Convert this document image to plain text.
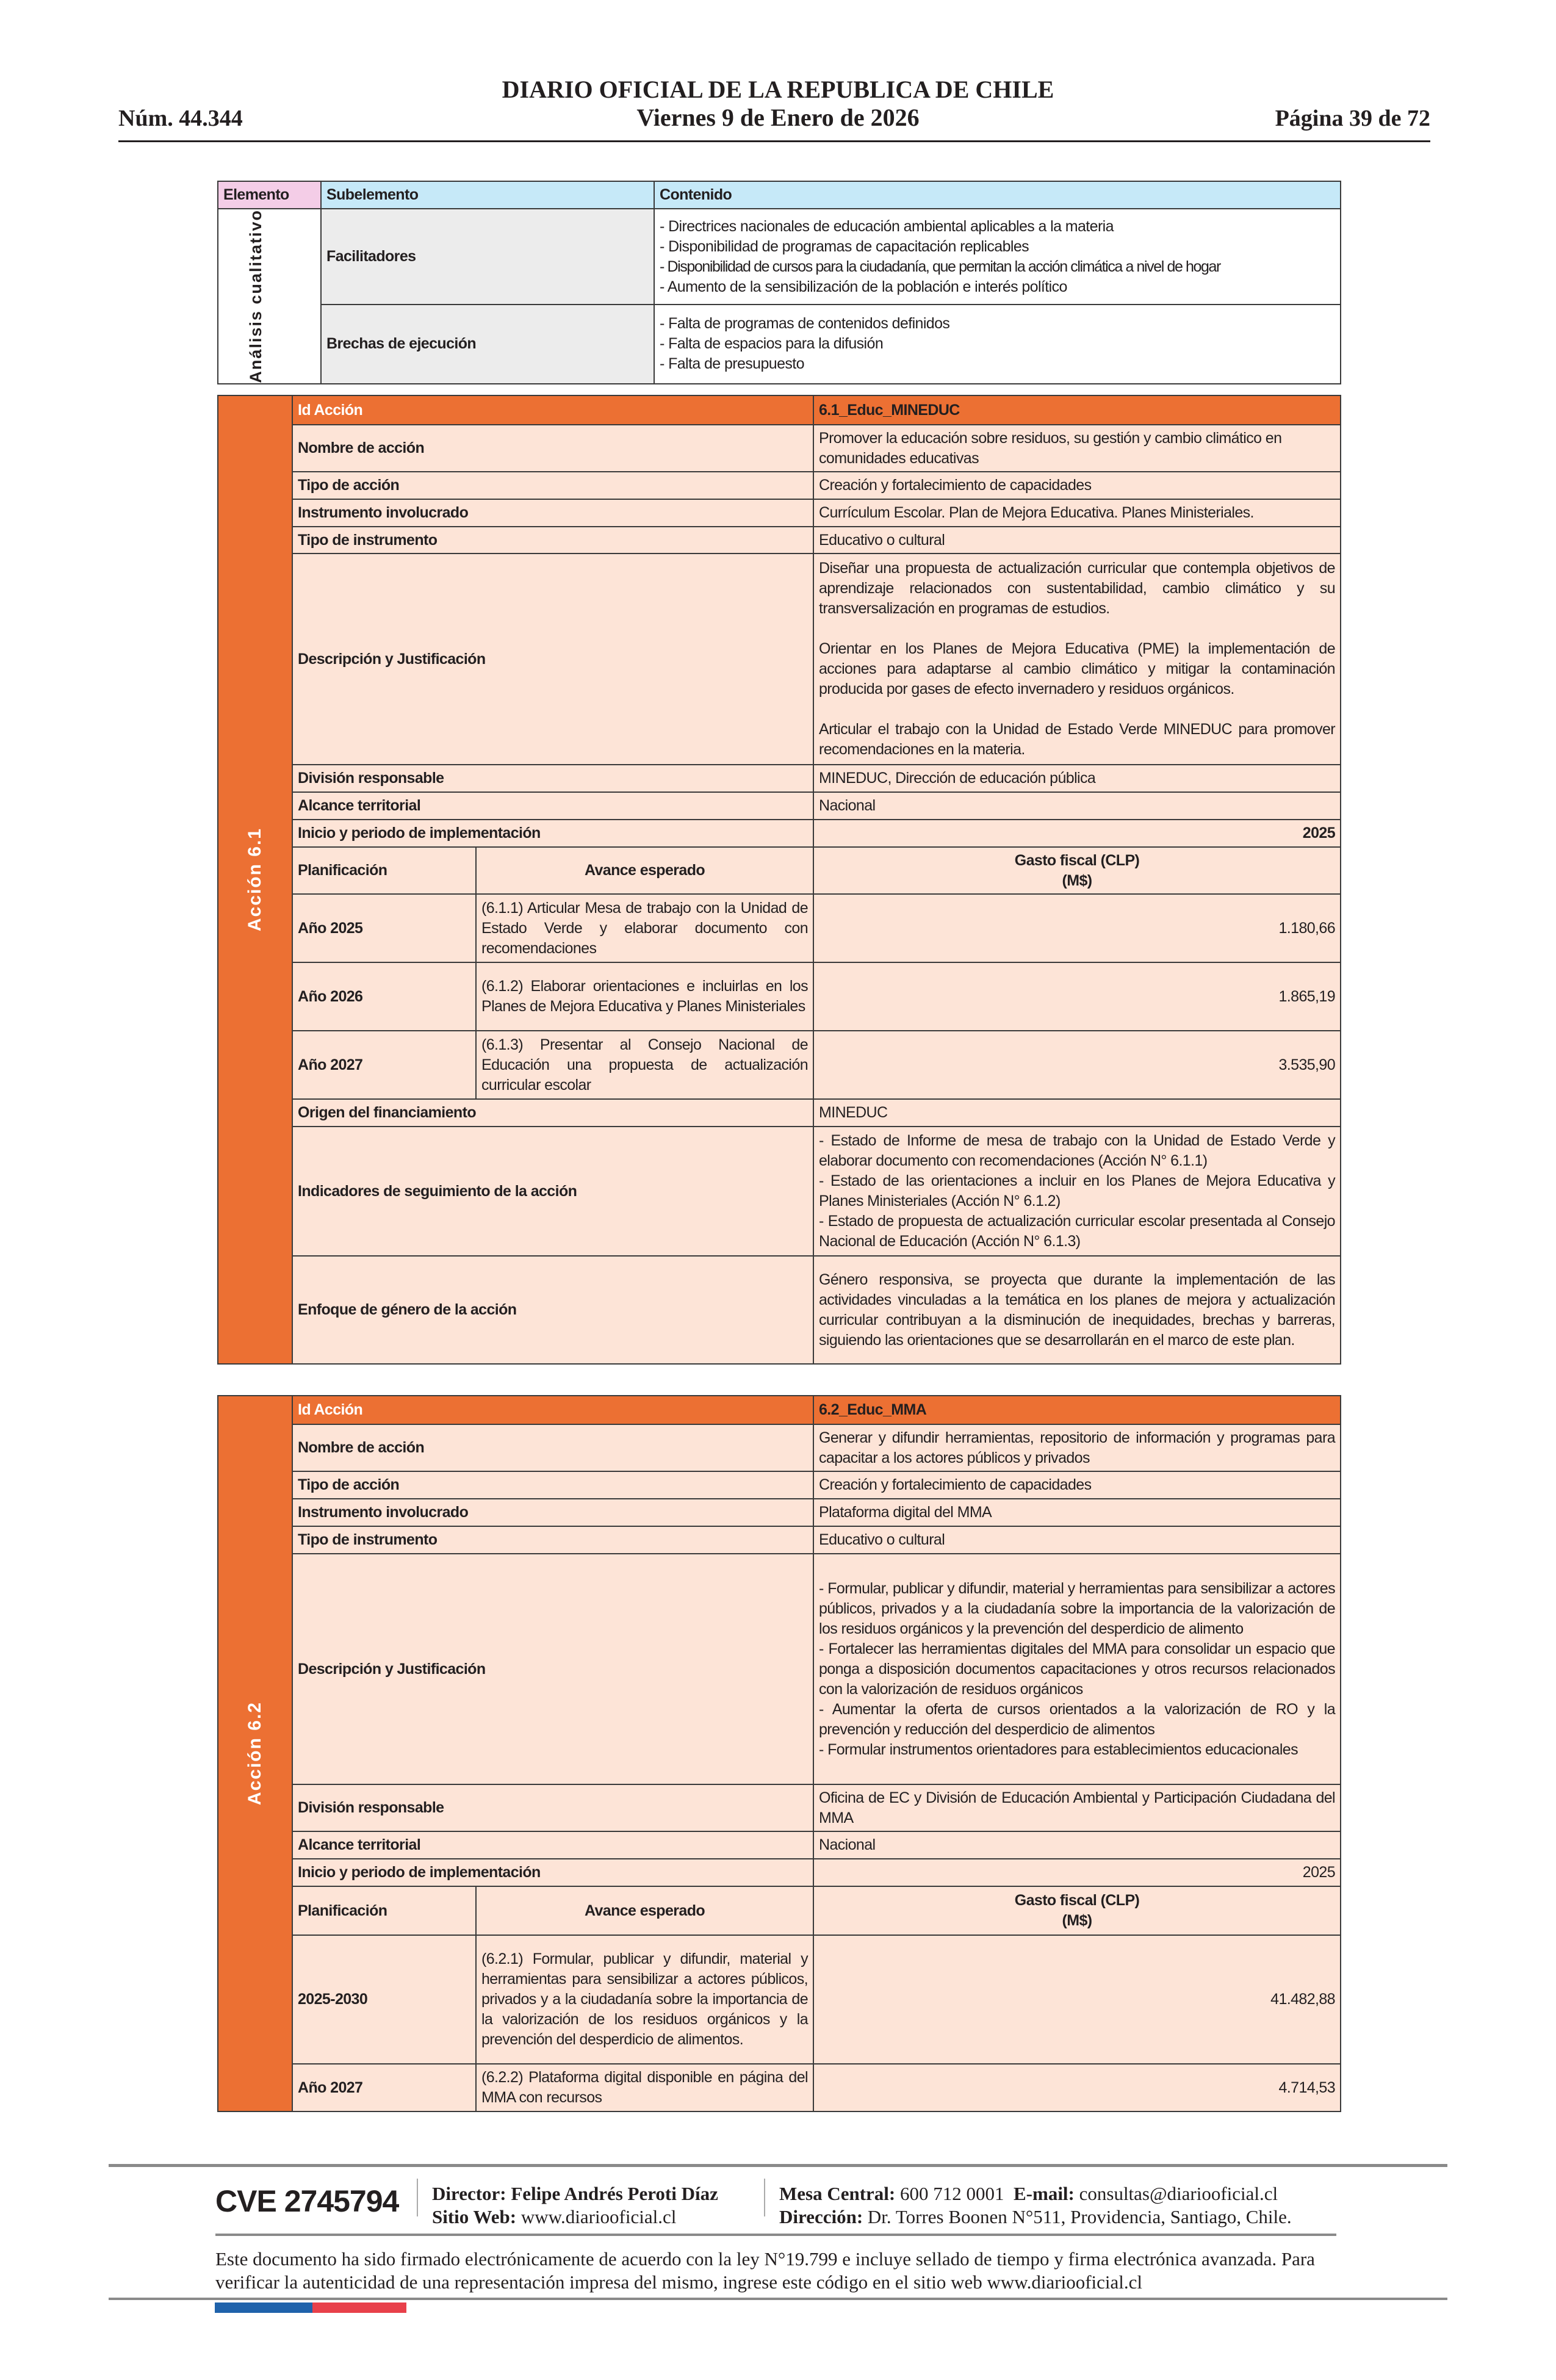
DIARIO OFICIAL DE LA REPUBLICA DE CHILE
Viernes 9 de Enero de 2026
Núm. 44.344	Página 39 de 72
Elemento	Subelemento	Contenido

Análisis cualitativo	Facilitadores	- Directrices nacionales de educación ambiental aplicables a la materia
- Disponibilidad de programas de capacitación replicables
- Disponibilidad de cursos para la ciudadanía, que permitan la acción climática a nivel de hogar
- Aumento de la sensibilización de la población e interés político

	Brechas de ejecución	- Falta de programas de contenidos definidos
- Falta de espacios para la difusión
- Falta de presupuesto
Acción 6.1	Id Acción		6.1_Educ_MINEDUC
	Nombre de acción		Promover la educación sobre residuos, su gestión y cambio climático en comunidades educativas
	Tipo de acción		Creación y fortalecimiento de capacidades
	Instrumento involucrado		Currículum Escolar. Plan de Mejora Educativa. Planes Ministeriales.
	Tipo de instrumento		Educativo o cultural
	Descripción y Justificación		Diseñar una propuesta de actualización curricular que contempla objetivos de aprendizaje relacionados con sustentabilidad, cambio climático y su transversalización en programas de estudios.
Orientar en los Planes de Mejora Educativa (PME) la implementación de acciones para adaptarse al cambio climático y mitigar la contaminación producida por gases de efecto invernadero y residuos orgánicos.
Articular el trabajo con la Unidad de Estado Verde MINEDUC para promover recomendaciones en la materia.

	División responsable		MINEDUC, Dirección de educación pública
	Alcance territorial		Nacional
	Inicio y periodo de implementación		2025
	Planificación	Avance esperado	Gasto fiscal (CLP)
(M$)

	Año 2025	(6.1.1) Articular Mesa de trabajo con la Unidad de Estado Verde y elaborar documento con recomendaciones	1.180,66
	Año 2026	(6.1.2) Elaborar orientaciones e incluirlas en los Planes de Mejora Educativa y Planes Ministeriales	1.865,19
	Año 2027	(6.1.3) Presentar al Consejo Nacional de Educación una propuesta de actualización curricular escolar	3.535,90
	Origen del financiamiento		MINEDUC
	Indicadores de seguimiento de la acción		- Estado de Informe de mesa de trabajo con la Unidad de Estado Verde y elaborar documento con recomendaciones (Acción N° 6.1.1)
- Estado de las orientaciones a incluir en los Planes de Mejora Educativa y Planes Ministeriales (Acción N° 6.1.2)
- Estado de propuesta de actualización curricular escolar presentada al Consejo Nacional de Educación (Acción N° 6.1.3)

	Enfoque de género de la acción		Género responsiva, se proyecta que durante la implementación de las actividades vinculadas a la temática en los planes de mejora y actualización curricular contribuyan a la disminución de inequidades, brechas y barreras, siguiendo las orientaciones que se desarrollarán en el marco de este plan.
Acción 6.2	Id Acción		6.2_Educ_MMA
	Nombre de acción		Generar y difundir herramientas, repositorio de información y programas para capacitar a los actores públicos y privados
	Tipo de acción		Creación y fortalecimiento de capacidades
	Instrumento involucrado		Plataforma digital del MMA
	Tipo de instrumento		Educativo o cultural
	Descripción y Justificación		- Formular, publicar y difundir, material y herramientas para sensibilizar a actores públicos, privados y a la ciudadanía sobre la importancia de la valorización de los residuos orgánicos y la prevención del desperdicio de alimento
- Fortalecer las herramientas digitales del MMA para consolidar un espacio que ponga a disposición documentos capacitaciones y otros recursos relacionados con la valorización de residuos orgánicos
- Aumentar la oferta de cursos orientados a la valorización de RO y la prevención y reducción del desperdicio de alimentos
- Formular instrumentos orientadores para establecimientos educacionales

	División responsable		Oficina de EC y División de Educación Ambiental y Participación Ciudadana del MMA
	Alcance territorial		Nacional
	Inicio y periodo de implementación		2025
	Planificación	Avance esperado	Gasto fiscal (CLP)
(M$)

	2025-2030	(6.2.1) Formular, publicar y difundir, material y herramientas para sensibilizar a actores públicos, privados y a la ciudadanía sobre la importancia de la valorización de los residuos orgánicos y la prevención del desperdicio de alimentos.	41.482,88
	Año 2027	(6.2.2) Plataforma digital disponible en página del MMA con recursos	4.714,53
CVE 2745794 Director: Felipe Andrés Peroti Díaz
Sitio Web: www.diariooficial.cl
Mesa Central: 600 712 0001 E-mail: consultas@diariooficial.cl
Dirección: Dr. Torres Boonen N°511, Providencia, Santiago, Chile.
Este documento ha sido firmado electrónicamente de acuerdo con la ley N°19.799 e incluye sellado de tiempo y firma electrónica avanzada. Para verificar la autenticidad de una representación impresa del mismo, ingrese este código en el sitio web www.diariooficial.cl
